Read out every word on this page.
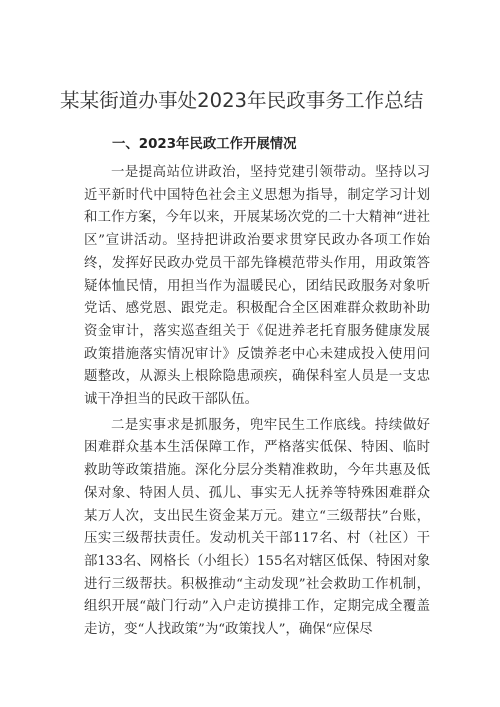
某某街道办事处2023年民政事务工作总结
一、2023年民政工作开展情况

一是提高站位讲政治，坚持党建引领带动。坚持以习近平新时代中国特色社会主义思想为指导，制定学习计划和工作方案，今年以来，开展某场次党的二十大精神“进社区”宣讲活动。坚持把讲政治要求贯穿民政办各项工作始终，发挥好民政办党员干部先锋模范带头作用，用政策答疑体恤民情，用担当作为温暖民心，团结民政服务对象听党话、感党恩、跟党走。积极配合全区困难群众救助补助资金审计，落实巡查组关于《促进养老托育服务健康发展政策措施落实情况审计》反馈养老中心未建成投入使用问题整改，从源头上根除隐患顽疾，确保科室人员是一支忠诚干净担当的民政干部队伍。

二是实事求是抓服务，兜牢民生工作底线。持续做好困难群众基本生活保障工作，严格落实低保、特困、临时救助等政策措施。深化分层分类精准救助，今年共惠及低保对象、特困人员、孤儿、事实无人抚养等特殊困难群众某万人次，支出民生资金某万元。建立“三级帮扶”台账，压实三级帮扶责任。发动机关干部117名、村（社区）干部133名、网格长（小组长）155名对辖区低保、特困对象进行三级帮扶。积极推动“主动发现”社会救助工作机制，组织开展“敲门行动”入户走访摸排工作，定期完成全覆盖走访，变“人找政策”为“政策找人”，确保“应保尽
